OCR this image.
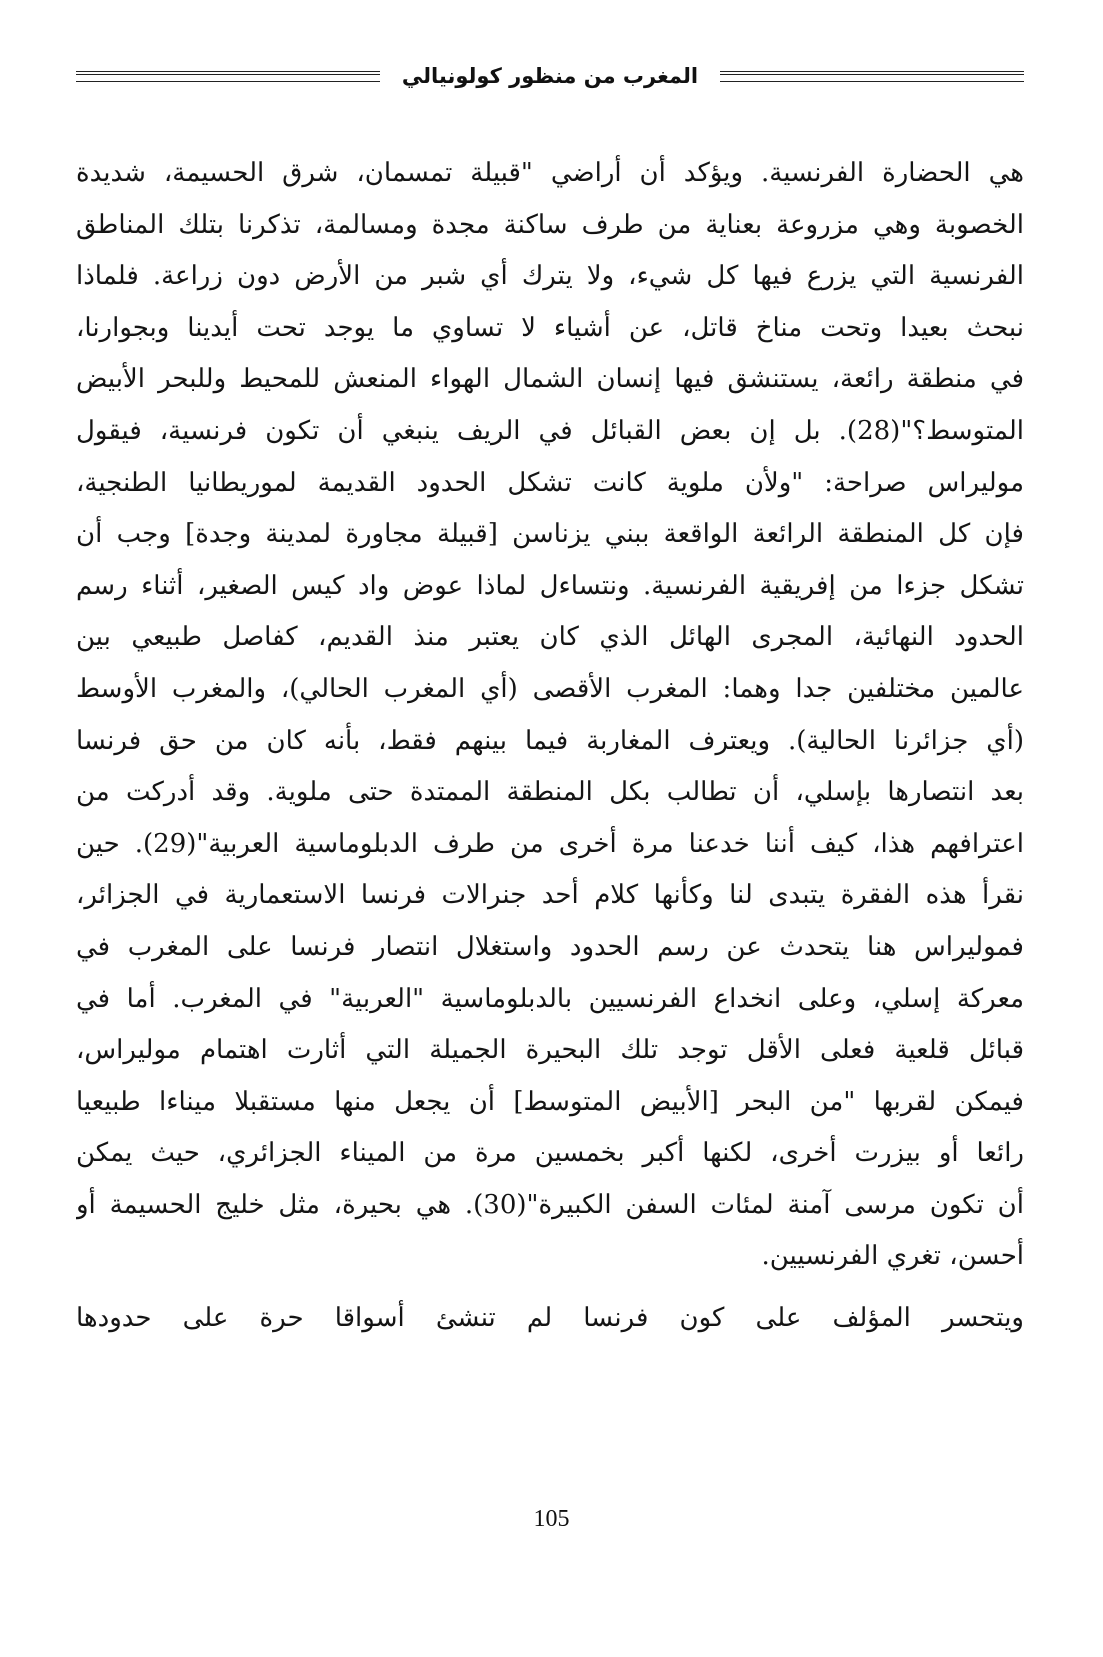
المغرب من منظور كولونيالي
هي الحضارة الفرنسية. ويؤكد أن أراضي "قبيلة تمسمان، شرق الحسيمة، شديدة
الخصوبة وهي مزروعة بعناية من طرف ساكنة مجدة ومسالمة، تذكرنا بتلك المناطق
الفرنسية التي يزرع فيها كل شيء، ولا يترك أي شبر من الأرض دون زراعة. فلماذا
نبحث بعيدا وتحت مناخ قاتل، عن أشياء لا تساوي ما يوجد تحت أيدينا وبجوارنا،
في منطقة رائعة، يستنشق فيها إنسان الشمال الهواء المنعش للمحيط وللبحر الأبيض
المتوسط؟"(28). بل إن بعض القبائل في الريف ينبغي أن تكون فرنسية، فيقول
موليراس صراحة: "ولأن ملوية كانت تشكل الحدود القديمة لموريطانيا الطنجية،
فإن كل المنطقة الرائعة الواقعة ببني يزناسن [قبيلة مجاورة لمدينة وجدة] وجب أن
تشكل جزءا من إفريقية الفرنسية. ونتساءل لماذا عوض واد كيس الصغير، أثناء رسم
الحدود النهائية، المجرى الهائل الذي كان يعتبر منذ القديم، كفاصل طبيعي بين
عالمين مختلفين جدا وهما: المغرب الأقصى (أي المغرب الحالي)، والمغرب الأوسط
(أي جزائرنا الحالية). ويعترف المغاربة فيما بينهم فقط، بأنه كان من حق فرنسا
بعد انتصارها بإسلي، أن تطالب بكل المنطقة الممتدة حتى ملوية. وقد أدركت من
اعترافهم هذا، كيف أننا خدعنا مرة أخرى من طرف الدبلوماسية العربية"(29). حين
نقرأ هذه الفقرة يتبدى لنا وكأنها كلام أحد جنرالات فرنسا الاستعمارية في الجزائر،
فموليراس هنا يتحدث عن رسم الحدود واستغلال انتصار فرنسا على المغرب في
معركة إسلي، وعلى انخداع الفرنسيين بالدبلوماسية "العربية" في المغرب. أما في
قبائل قلعية فعلى الأقل توجد تلك البحيرة الجميلة التي أثارت اهتمام موليراس،
فيمكن لقربها "من البحر [الأبيض المتوسط] أن يجعل منها مستقبلا ميناءا طبيعيا
رائعا أو بيزرت أخرى، لكنها أكبر بخمسين مرة من الميناء الجزائري، حيث يمكن
أن تكون مرسى آمنة لمئات السفن الكبيرة"(30). هي بحيرة، مثل خليج الحسيمة أو
أحسن، تغري الفرنسيين.
ويتحسر المؤلف على كون فرنسا لم تنشئ أسواقا حرة على حدودها
105
